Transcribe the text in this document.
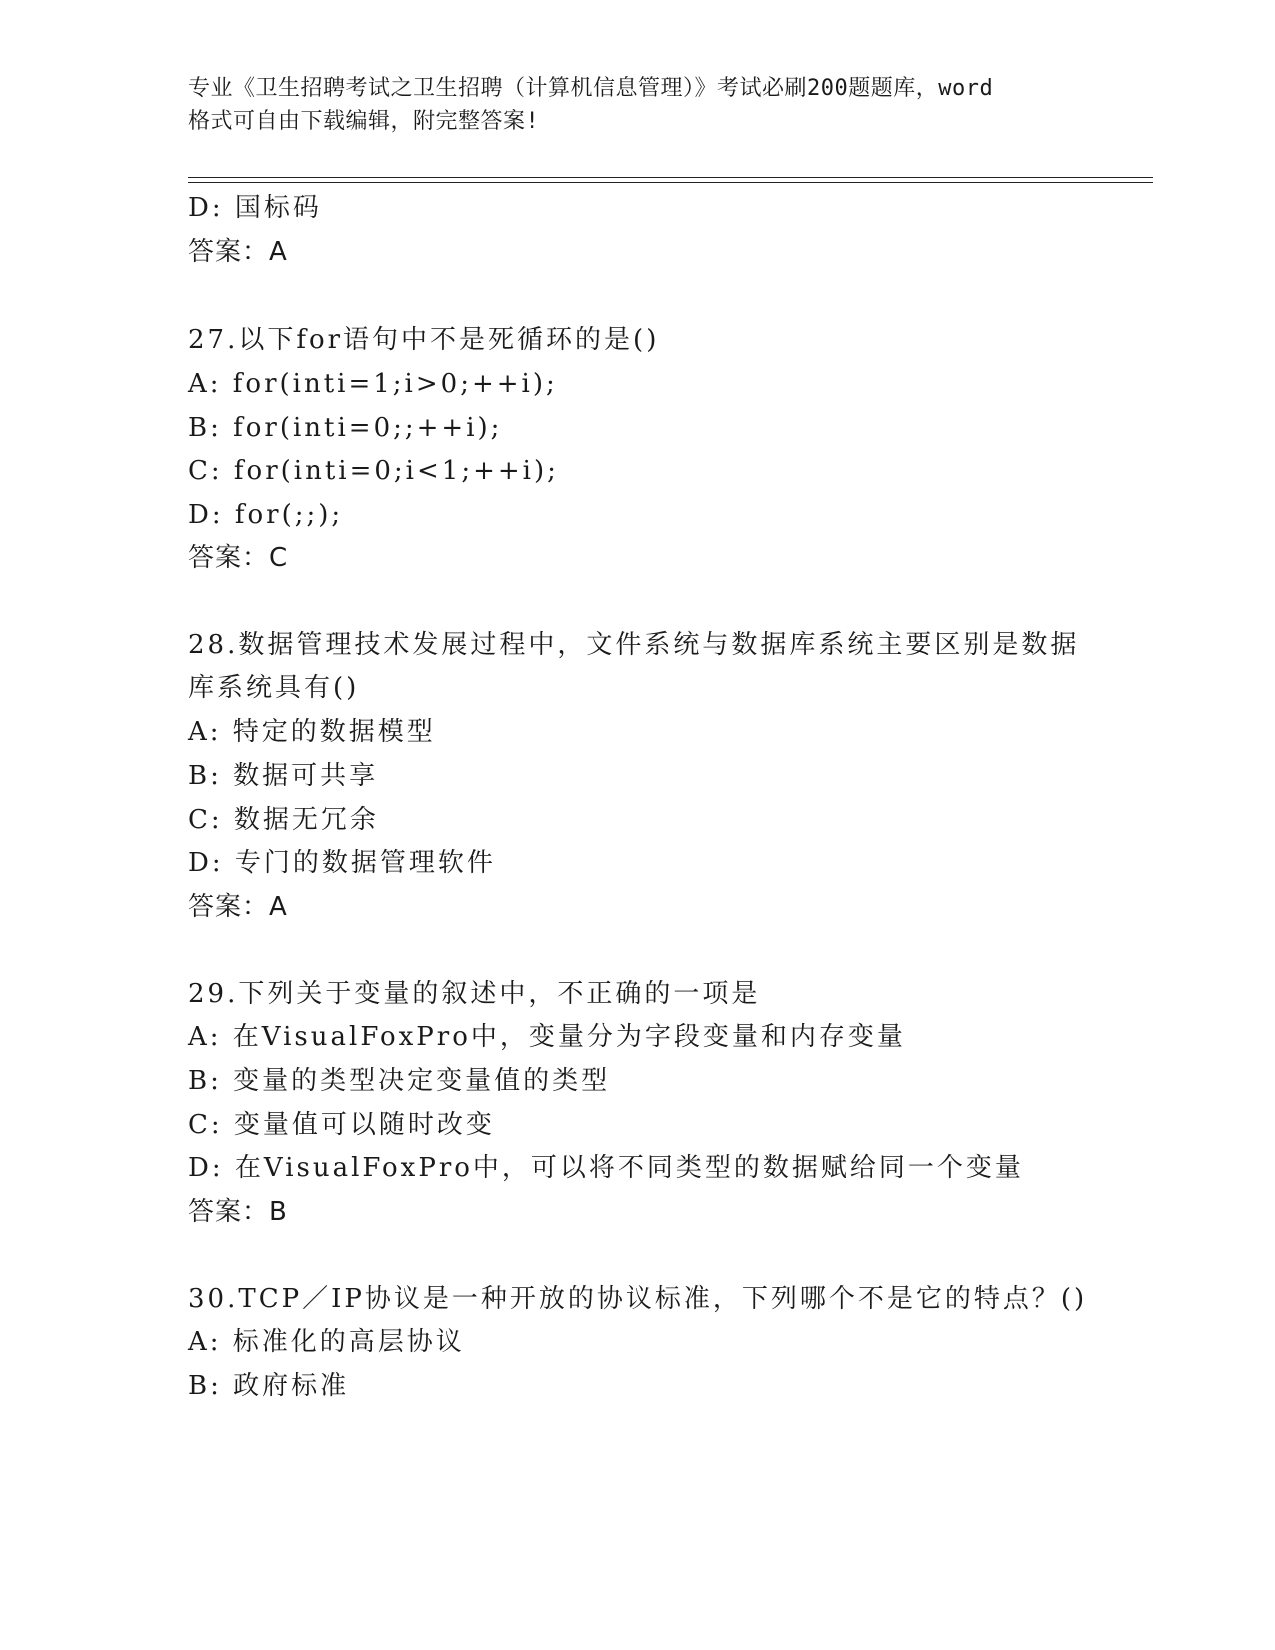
专业《卫生招聘考试之卫生招聘（计算机信息管理）》考试必刷200题题库，word
格式可自由下载编辑，附完整答案!
D: 国标码
答案：A
27.以下for语句中不是死循环的是()
A: for(inti=1;i>0;++i);
B: for(inti=0;;++i);
C: for(inti=0;i<1;++i);
D: for(;;);
答案：C
28.数据管理技术发展过程中，文件系统与数据库系统主要区别是数据
库系统具有()
A: 特定的数据模型
B: 数据可共享
C: 数据无冗余
D: 专门的数据管理软件
答案：A
29.下列关于变量的叙述中，不正确的一项是
A: 在VisualFoxPro中，变量分为字段变量和内存变量
B: 变量的类型决定变量值的类型
C: 变量值可以随时改变
D: 在VisualFoxPro中，可以将不同类型的数据赋给同一个变量
答案：B
30.TCP／IP协议是一种开放的协议标准，下列哪个不是它的特点？()
A: 标准化的高层协议
B: 政府标准
